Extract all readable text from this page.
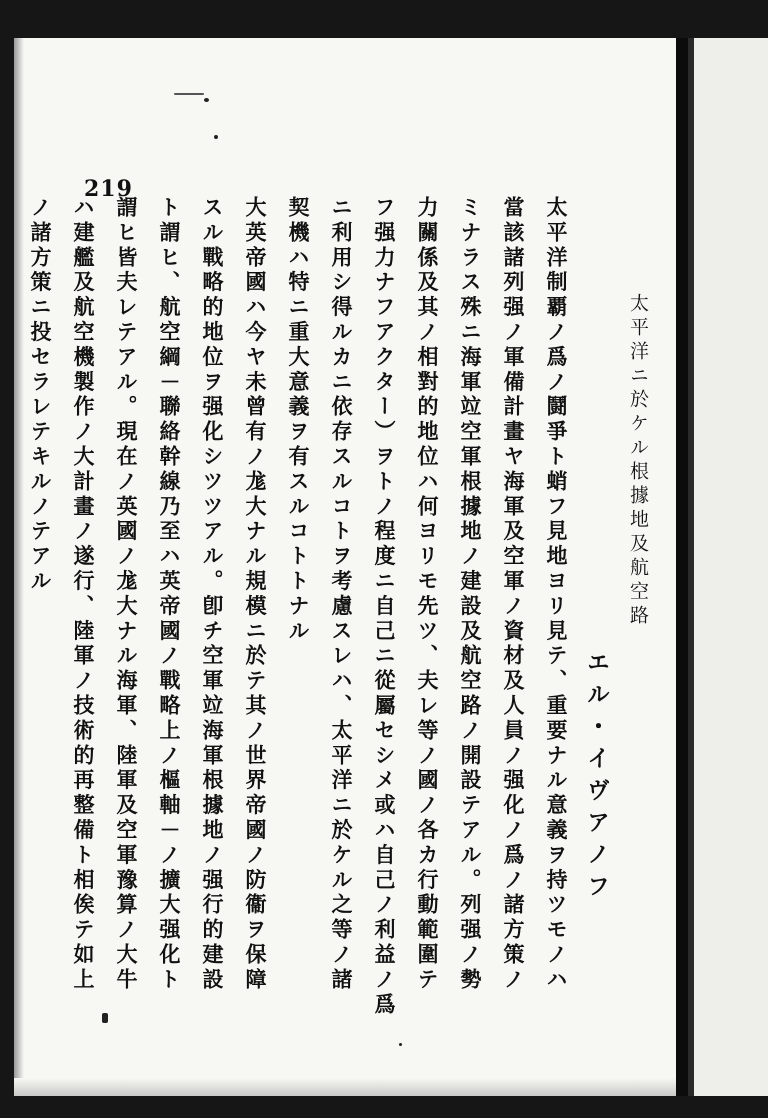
219
太平洋ニ於ケル根據地及航空路
エル・イヴアノフ
太平洋制覇ノ爲ノ鬪爭ト蛸フ見地ヨリ見テ、重要ナル意義ヲ持ツモノハ
當該諸列强ノ軍備計畫ヤ海軍及空軍ノ資材及人員ノ强化ノ爲ノ諸方策ノ
ミナラス殊ニ海軍竝空軍根據地ノ建設及航空路ノ開設テアル。列强ノ勢
力關係及其ノ相對的地位ハ何ヨリモ先ツ、夫レ等ノ國ノ各カ行動範圍テ
フ强力ナフアクター）ヲトノ程度ニ自己ニ從屬セシメ或ハ自己ノ利益ノ爲
ニ利用シ得ルカニ依存スルコトヲ考慮スレハ、太平洋ニ於ケル之等ノ諸
契機ハ特ニ重大意義ヲ有スルコトトナル
大英帝國ハ今ヤ未曾有ノ尨大ナル規模ニ於テ其ノ世界帝國ノ防衞ヲ保障
スル戰略的地位ヲ强化シツツアル。卽チ空軍竝海軍根據地ノ强行的建設
ト謂ヒ、航空綱－聯絡幹線乃至ハ英帝國ノ戰略上ノ樞軸－ノ擴大强化ト
謂ヒ皆夫レテアル。現在ノ英國ノ尨大ナル海軍、陸軍及空軍豫算ノ大牛
ハ建艦及航空機製作ノ大計畫ノ遂行、陸軍ノ技術的再整備ト相俟テ如上
ノ諸方策ニ投セラレテキルノテアル
